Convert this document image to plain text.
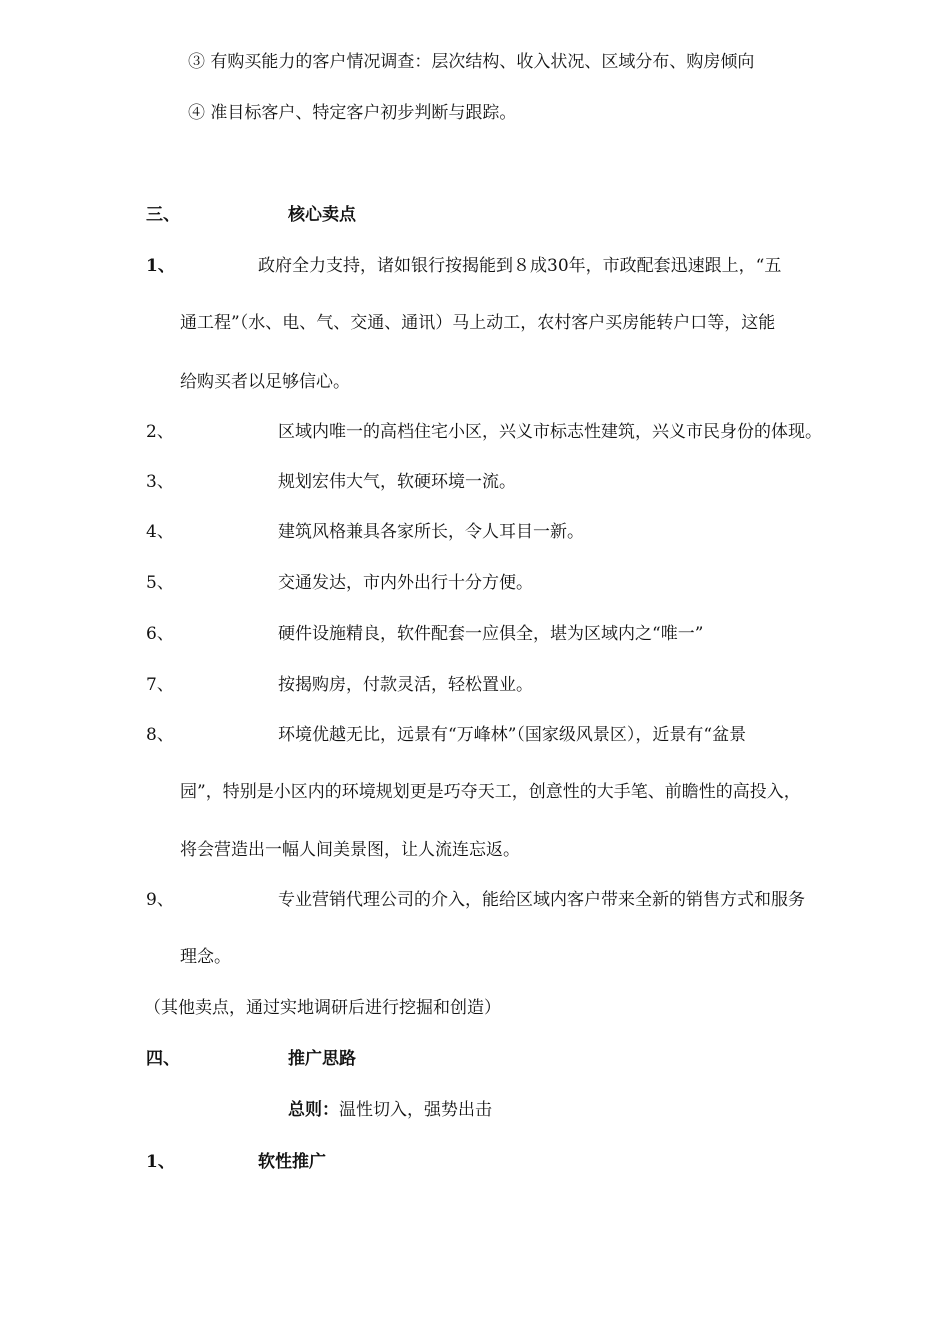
③ 有购买能力的客户情况调查：层次结构、收入状况、区域分布、购房倾向
④ 准目标客户、特定客户初步判断与跟踪。
三、	核心卖点
1、	政府全力支持，诸如银行按揭能到８成30年，市政配套迅速跟上，“五
通工程”（水、电、气、交通、通讯）马上动工，农村客户买房能转户口等，这能
给购买者以足够信心。
2、	区域内唯一的高档住宅小区，兴义市标志性建筑，兴义市民身份的体现。
3、	规划宏伟大气，软硬环境一流。
4、	建筑风格兼具各家所长，令人耳目一新。
5、	交通发达，市内外出行十分方便。
6、	硬件设施精良，软件配套一应俱全，堪为区域内之“唯一”
7、	按揭购房，付款灵活，轻松置业。
8、	环境优越无比，远景有“万峰林”（国家级风景区），近景有“盆景
园”，特别是小区内的环境规划更是巧夺天工，创意性的大手笔、前瞻性的高投入，
将会营造出一幅人间美景图，让人流连忘返。
9、	专业营销代理公司的介入，能给区域内客户带来全新的销售方式和服务
理念。
（其他卖点，通过实地调研后进行挖掘和创造）
四、	推广思路
总则：温性切入，强势出击
1、	软性推广
